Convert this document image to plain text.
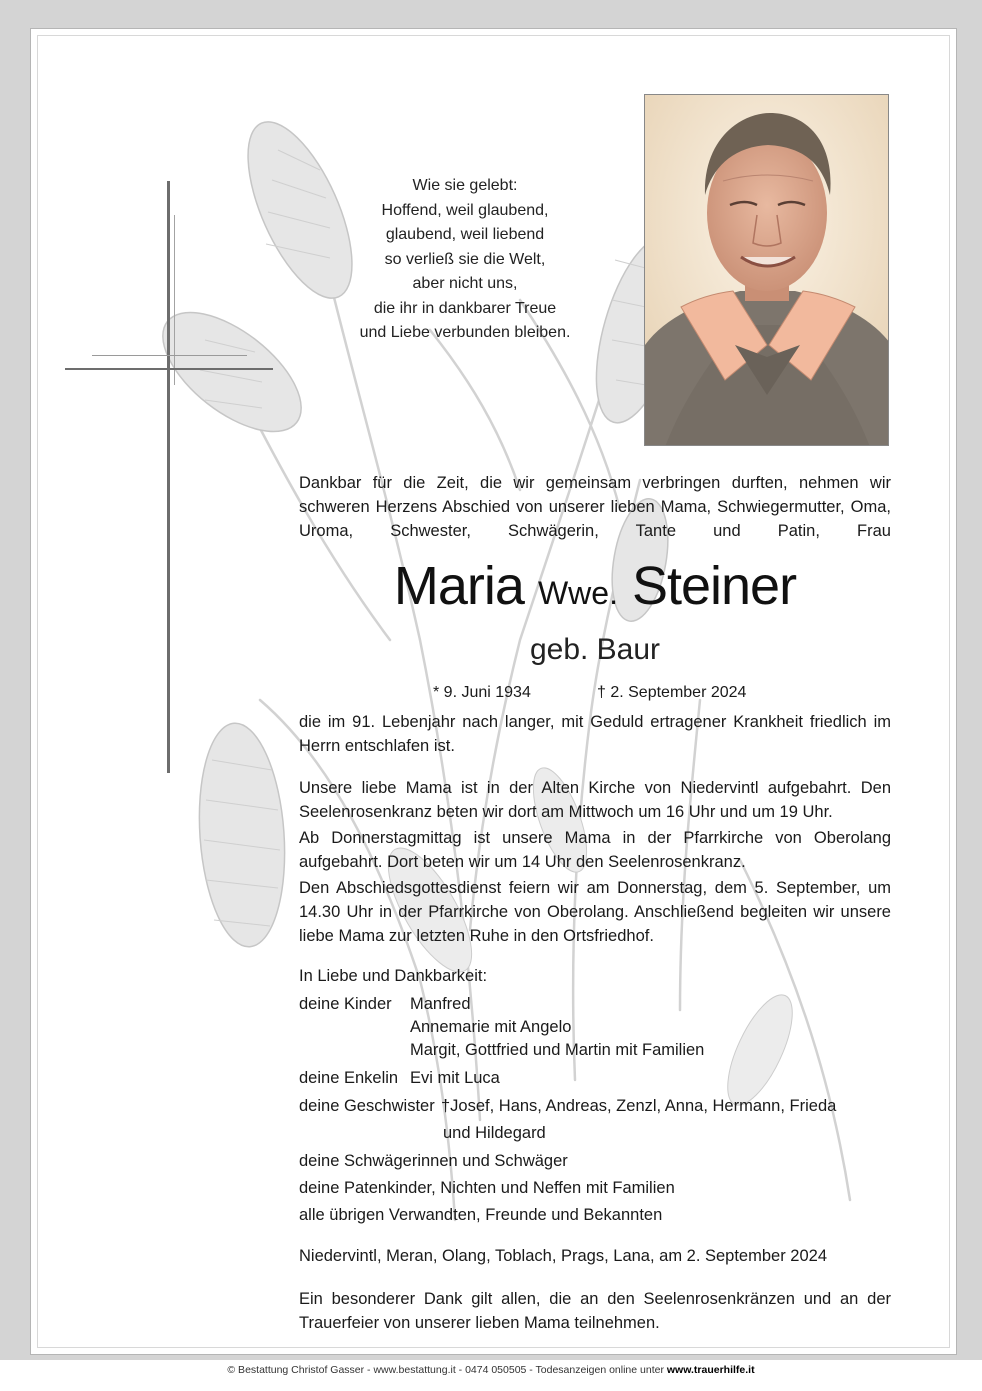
Wie sie gelebt:
Hoffend, weil glaubend,
glaubend, weil liebend
so verließ sie die Welt,
aber nicht uns,
die ihr in dankbarer Treue
und Liebe verbunden bleiben.
Dankbar für die Zeit, die wir gemeinsam verbringen durften, nehmen wir schweren Herzens Abschied von unserer lieben Mama, Schwiegermutter, Oma, Uroma, Schwester, Schwägerin, Tante und Patin, Frau
Maria Wwe. Steiner
geb. Baur
* 9. Juni 1934	† 2. September 2024
die im 91. Lebenjahr nach langer, mit Geduld ertragener Krankheit friedlich im Herrn entschlafen ist.
Unsere liebe Mama ist in der Alten Kirche von Niedervintl aufgebahrt. Den Seelenrosenkranz beten wir dort am Mittwoch um 16 Uhr und um 19 Uhr.
Ab Donnerstagmittag ist unsere Mama in der Pfarrkirche von Oberolang aufgebahrt. Dort beten wir um 14 Uhr den Seelenrosenkranz.
Den Abschiedsgottesdienst feiern wir am Donnerstag, dem 5. September, um 14.30 Uhr in der Pfarrkirche von Oberolang. Anschließend begleiten wir unsere liebe Mama zur letzten Ruhe in den Ortsfriedhof.
In Liebe und Dankbarkeit:
deine Kinder Manfred
Annemarie mit Angelo
Margit, Gottfried und Martin mit Familien
deine Enkelin Evi mit Luca
deine Geschwister †Josef, Hans, Andreas, Zenzl, Anna, Hermann, Frieda
und Hildegard
deine Schwägerinnen und Schwäger
deine Patenkinder, Nichten und Neffen mit Familien
alle übrigen Verwandten, Freunde und Bekannten
Niedervintl, Meran, Olang, Toblach, Prags, Lana, am 2. September 2024
Ein besonderer Dank gilt allen, die an den Seelenrosenkränzen und an der Trauerfeier von unserer lieben Mama teilnehmen.
© Bestattung Christof Gasser - www.bestattung.it - 0474 050505 - Todesanzeigen online unter www.trauerhilfe.it
